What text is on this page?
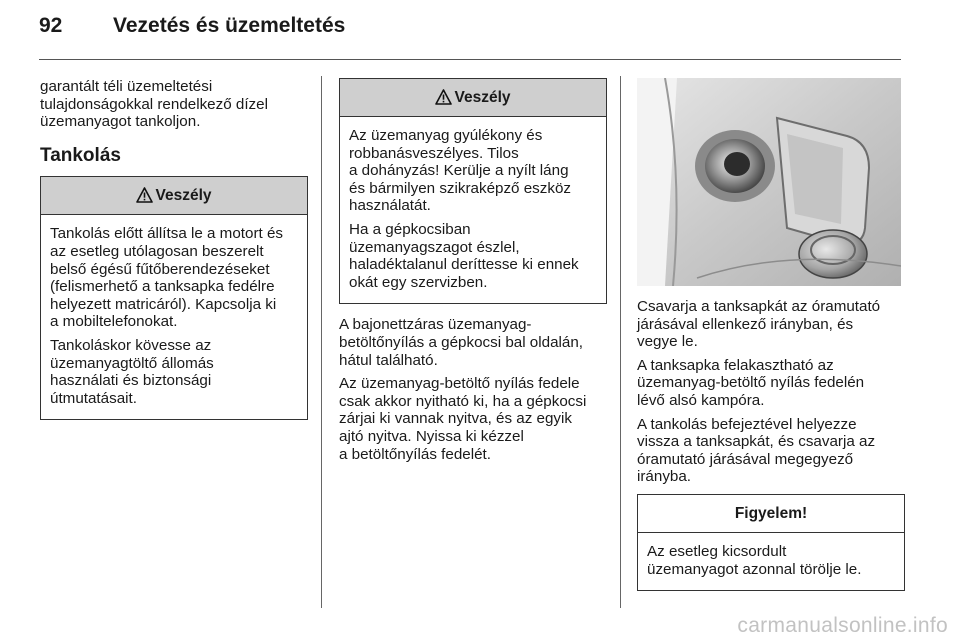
92 Vezetés és üzemeltetés

garantált téli üzemeltetési
tulajdonságokkal rendelkező dízel
üzemanyagot tankoljon.

Tankolás
Veszély

Tankolás előtt állítsa le a motort és
az esetleg utólagosan beszerelt
belső égésű fűtőberendezéseket
(felismerhető a tanksapka fedélre
helyezett matricáról). Kapcsolja ki
a mobiltelefonokat.

Tankoláskor kövesse az
üzemanyagtöltő állomás
használati és biztonsági
útmutatásait.

Veszély

Az üzemanyag gyúlékony és
robbanásveszélyes. Tilos
a dohányzás! Kerülje a nyílt láng
és bármilyen szikraképző eszköz
használatát.

Ha a gépkocsiban
üzemanyagszagot észlel,
haladéktalanul deríttesse ki ennek
okát egy szervizben.

A bajonettzáras üzemanyag-
betöltőnyílás a gépkocsi bal oldalán,
hátul található.

Az üzemanyag-betöltő nyílás fedele
csak akkor nyitható ki, ha a gépkocsi
zárjai ki vannak nyitva, és az egyik
ajtó nyitva. Nyissa ki kézzel
a betöltőnyílás fedelét.

Csavarja a tanksapkát az óramutató
járásával ellenkező irányban, és
vegye le.

A tanksapka felakasztható az
üzemanyag-betöltő nyílás fedelén
lévő alsó kampóra.

A tankolás befejeztével helyezze
vissza a tanksapkát, és csavarja az
óramutató járásával megegyező
irányba.

Figyelem!

Az esetleg kicsordult
üzemanyagot azonnal törölje le.

carmanualsonline.info
